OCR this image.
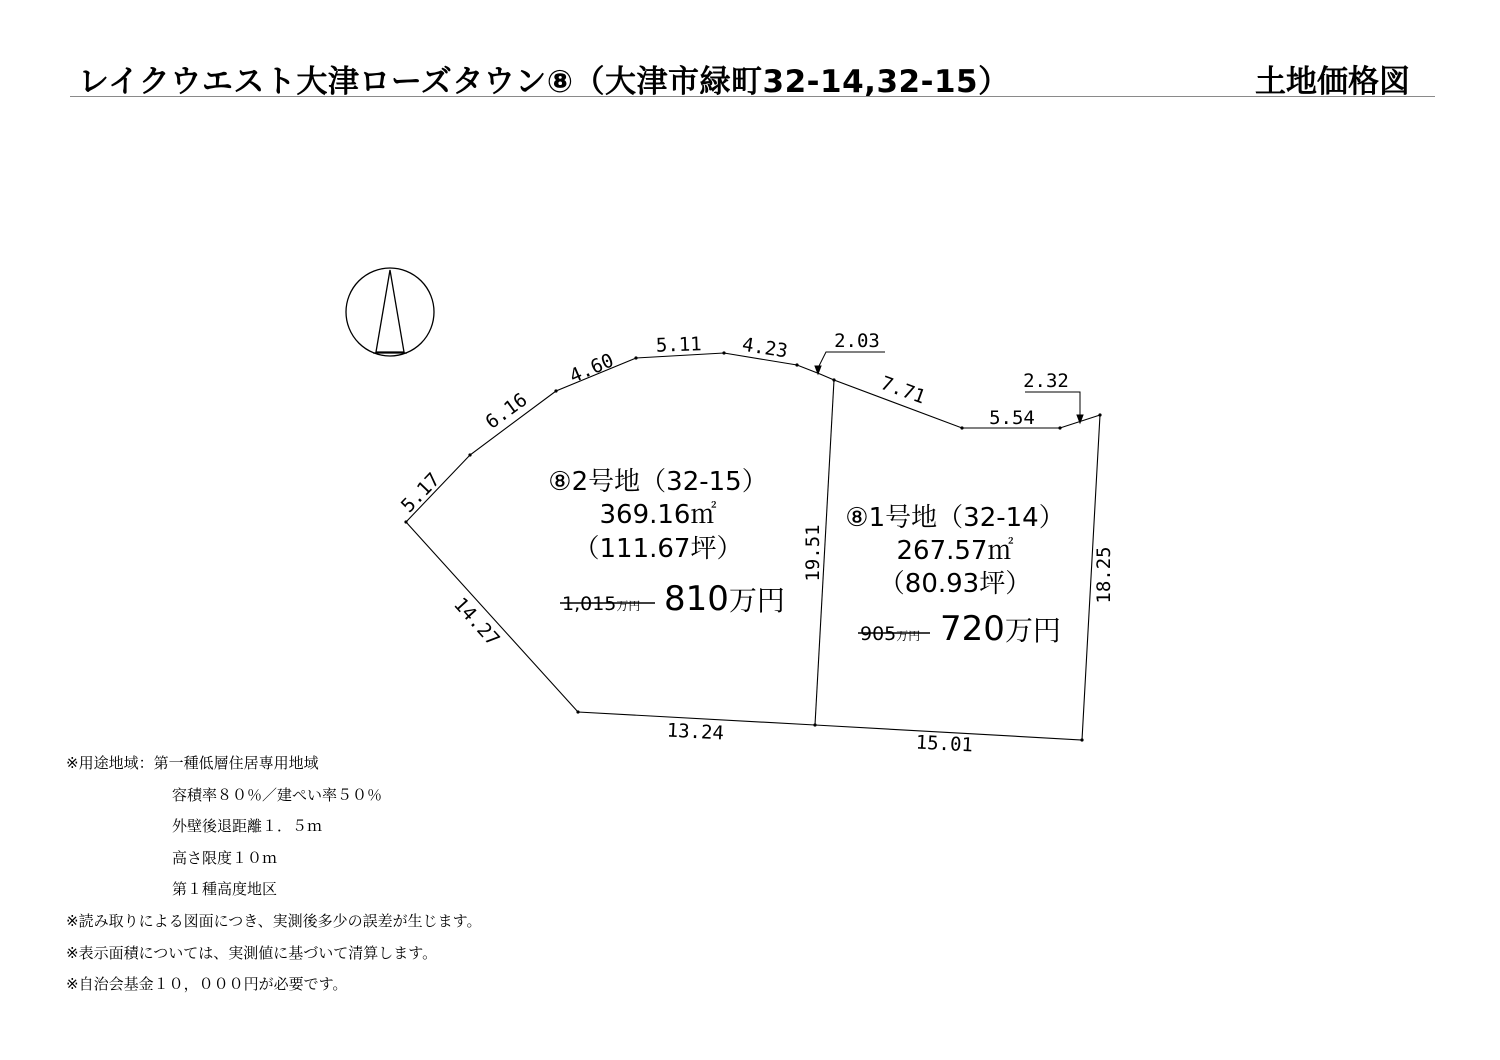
レイクウエスト大津ローズタウン⑧（大津市緑町32-14,32-15）	土地価格図
5.17
6.16
4.60
5.11 4.23 2.03
7.71	2.32
5.54
19.51	18.25
14.27
13.24	15.01
⑧2号地（32-15）
369.16㎡
（111.67坪）
1,015万円 810万円
⑧1号地（32-14）
267.57㎡
（80.93坪）
905万円 720万円
※用途地域：第一種低層住居専用地域
容積率８０％／建ぺい率５０％
外壁後退距離１．５ｍ
高さ限度１０ｍ
第１種高度地区
※読み取りによる図面につき、実測後多少の誤差が生じます。
※表示面積については、実測値に基づいて清算します。
※自治会基金１０，０００円が必要です。
